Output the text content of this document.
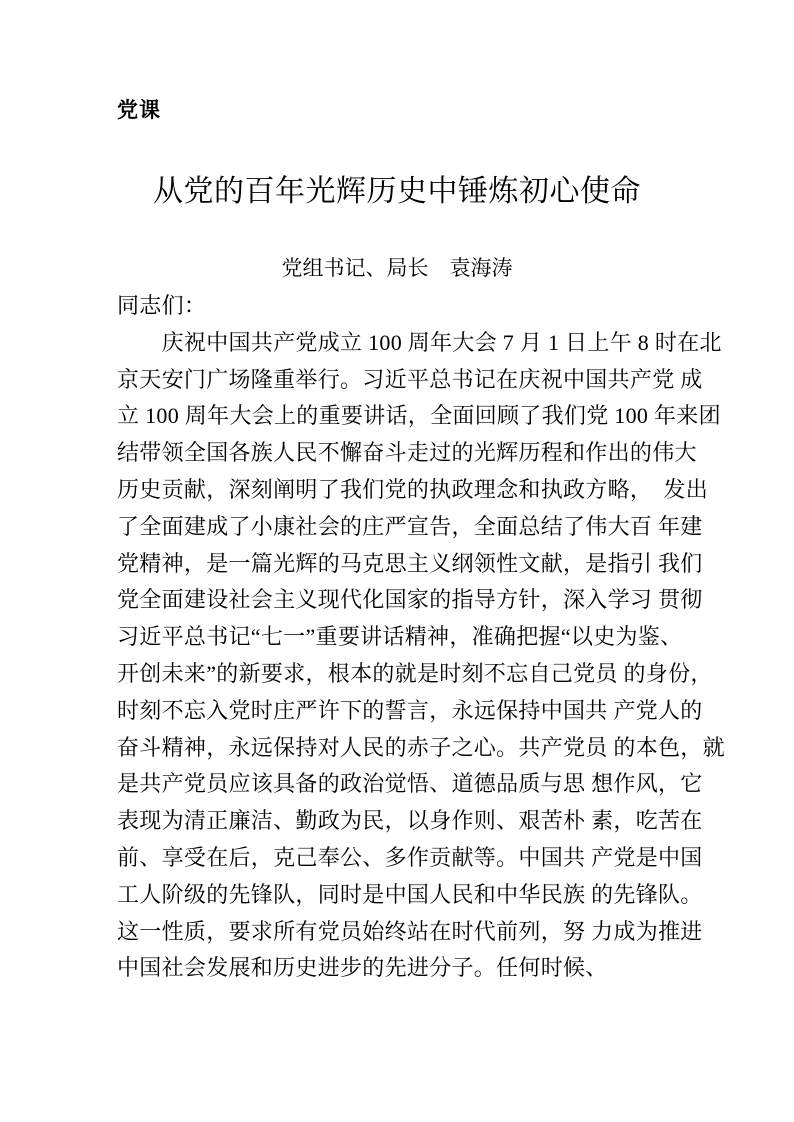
党课
从党的百年光辉历史中锤炼初心使命
党组书记、局长　袁海涛
同志们：
　　庆祝中国共产党成立 100 周年大会 7 月 1 日上午 8 时在北
京天安门广场隆重举行。习近平总书记在庆祝中国共产党 成
立 100 周年大会上的重要讲话，全面回顾了我们党 100 年来团
结带领全国各族人民不懈奋斗走过的光辉历程和作出的伟大
历史贡献，深刻阐明了我们党的执政理念和执政方略，　发出
了全面建成了小康社会的庄严宣告，全面总结了伟大百 年建
党精神，是一篇光辉的马克思主义纲领性文献，是指引 我们
党全面建设社会主义现代化国家的指导方针，深入学习 贯彻
习近平总书记“七一”重要讲话精神，准确把握“以史为鉴、
开创未来”的新要求，根本的就是时刻不忘自己党员 的身份，
时刻不忘入党时庄严许下的誓言，永远保持中国共 产党人的
奋斗精神，永远保持对人民的赤子之心。共产党员 的本色，就
是共产党员应该具备的政治觉悟、道德品质与思 想作风，它
表现为清正廉洁、勤政为民，以身作则、艰苦朴 素，吃苦在
前、享受在后，克己奉公、多作贡献等。中国共 产党是中国
工人阶级的先锋队，同时是中国人民和中华民族 的先锋队。
这一性质，要求所有党员始终站在时代前列，努 力成为推进
中国社会发展和历史进步的先进分子。任何时候、
